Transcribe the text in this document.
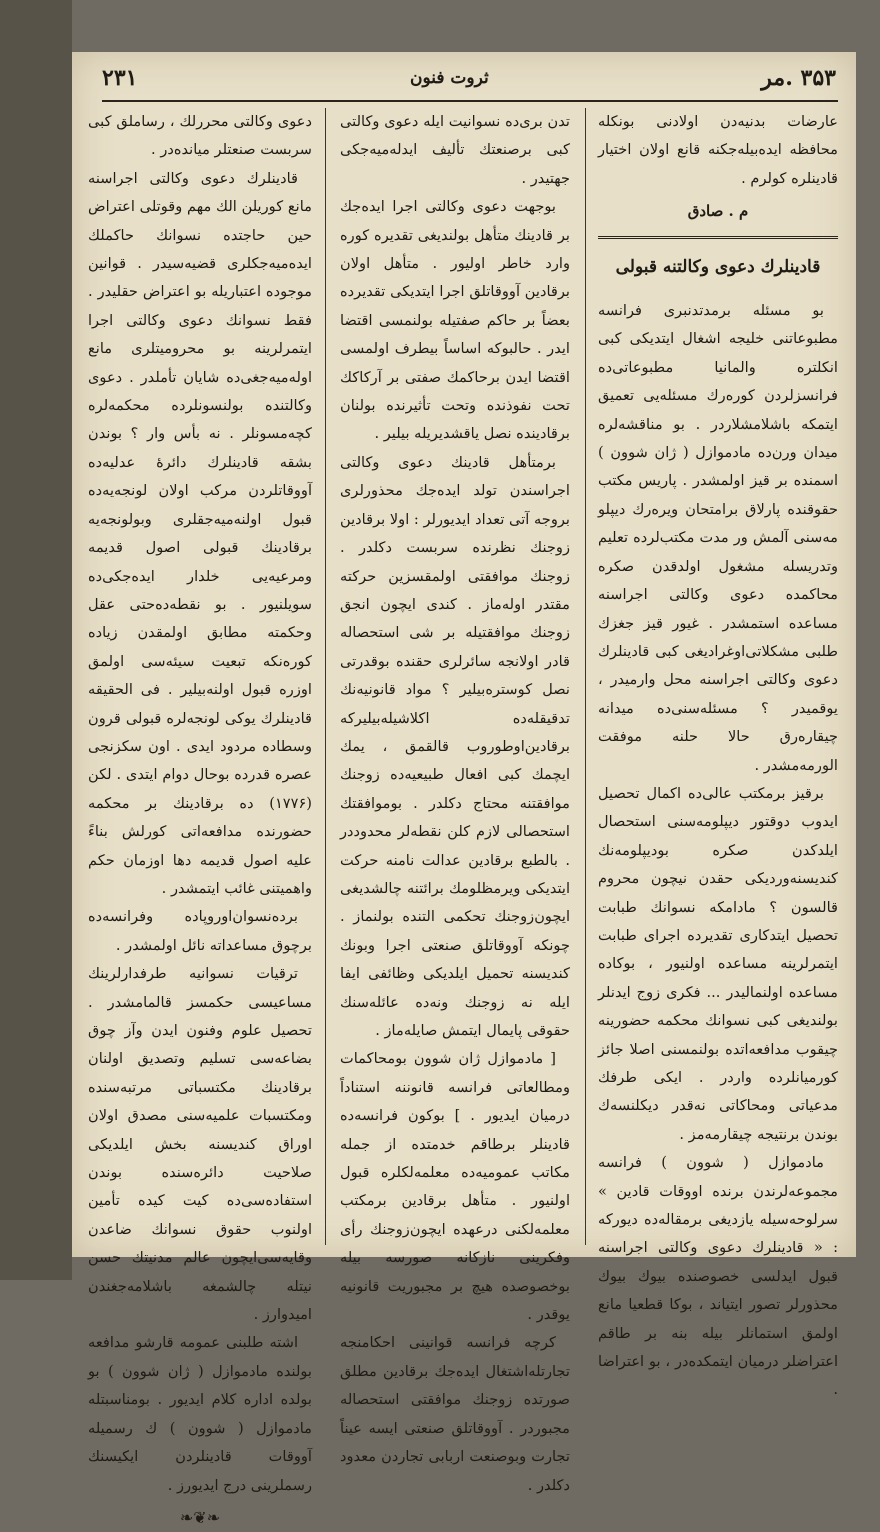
۳۵۳ .مر
ثروت فنون
۲۳۱

عارضات بدنیه‌دن اولادنی بونکله محافظه ایده‌بیله‌جکنه قانع اولان اختیار قادینلره کولرم .

م . صادق
قادینلرك دعوی وکالتنه قبولی

بو مسئله برمدتدنبری فرانسه مطبوعاتنی خلیجه اشغال ایتدیکی کبی انکلتره والمانیا مطبوعاتی‌ده فرانسزلردن کوره‌رك مسئله‌یی تعمیق ایتمکه باشلامشلاردر . بو مناقشه‌لره میدان ورن‌ده مادموازل ( ژان شوون ) اسمنده بر قیز اولمشدر . پاریس مکتب حقوقنده پارلاق برامتحان ویره‌رك دیپلو مه‌سنی آلمش ور مدت مکتب‌لرده تعلیم وتدریسله مشغول اولدقدن صکره محاکمده دعوی وکالتی اجراسنه مساعده استمشدر . غیور قیز جغزك طلبی مشکلاتی‌اوغرادیغی کبی قادینلرك دعوی وکالتی اجراسنه محل وارمیدر ، یوقمیدر ؟ مسئله‌سنی‌ده میدانه چیقاره‌رق حالا حلنه موفقت الورمه‌مشدر .

برقیز برمکتب عالی‌ده اکمال تحصیل ایدوب دوقتور دیپلومه‌سنی استحصال ایلدکدن صکره بودیپلومه‌نك کندیسنه‌وردیکی حقدن نیچون محروم قالسون ؟ مادامکه نسوانك طبابت تحصیل ایتدکاری تقدیرده اجرای طبابت ایتمرلرینه مساعده اولنیور ، بوکاده مساعده اولنمالیدر ... فکری زوج ایدنلر بولندیغی کبی نسوانك محکمه حضورینه چیقوب مدافعه‌اتده بولنمسنی اصلا جائز کورمیانلرده واردر . ایکی طرفك مدعیاتی ومحاکاتی نه‌قدر دیکلنسه‌ك بوندن برنتیجه چیقارمه‌مز .

مادموازل ( شوون ) فرانسه مجموعه‌لرندن برنده اووقات قادین » سرلوحه‌سیله یازدیغی برمقاله‌ده دیورکه : « قادینلرك دعوی وکالتی اجراسنه قبول ایدلسی خصوصنده بیوك بیوك محذورلر تصور ایتیاند ، بوکا قطعیا مانع اولمق استمانلر بیله بنه بر طاقم اعتراضلر درمیان ایتمکده‌در ، بو اعتراضا .

تدن بری‌ده نسوانیت ایله دعوی وکالتی کبی برصنعتك تألیف ایدله‌میه‌جکی جهتیدر .

بوجهت دعوی وکالتی اجرا ایده‌جك بر قادینك متأهل بولندیغی تقدیره کوره وارد خاطر اولیور . متأهل اولان برقادین آووقاتلق اجرا ایتدیکی تقدیرده بعضاً بر حاکم صفتیله بولنمسی اقتضا ایدر . حالبوکه اساساً بیطرف اولمسی اقتضا ایدن برحاکمك صفتی بر آرکاکك تحت نفوذنده وتحت تأثیرنده بولنان برقادینده نصل یاقشدیریله بیلیر .

برمتأهل قادینك دعوی وکالتی اجراسندن تولد ایده‌جك محذورلری بروجه آتی تعداد ایدیورلر : اولا برقادین زوجنك نظرنده سربست دکلدر . زوجنك موافقتی اولمقسزین حرکته مقتدر اوله‌ماز . کندی ایچون انجق زوجنك موافقتیله بر شی استحصاله قادر اولانجه سائرلری حقنده بوقدرتی نصل کوستره‌بیلیر ؟ مواد قانونیه‌نك تدقیقله‌ده اکلاشیله‌بیلیرکه برقادین‌اوطوروب قالقمق ، یمك ایچمك کبی افعال طبیعیه‌ده زوجنك موافقتنه محتاج دکلدر . بوموافقتك استحصالی لازم کلن نقطه‌لر محدوددر . بالطبع برقادین عدالت نامنه حرکت ایتدیکی ویرمظلومك برائتنه چالشدیغی ایچون‌زوجنك تحکمی التنده بولنماز . چونکه آووقاتلق صنعتی اجرا وبونك کندیسنه تحمیل ایلدیکی وظائفی ایفا ایله نه زوجنك ونه‌ده عائله‌سنك حقوقی پایمال ایتمش صایله‌ماز .

[ مادموازل ژان شوون بومحاکمات ومطالعاتی فرانسه قانوننه استناداً درمیان ایدیور . ] بوکون فرانسه‌ده قادینلر برطاقم خدمتده از جمله مکاتب عمومیه‌ده معلمه‌لکلره قبول اولنیور . متأهل برقادین برمکتب معلمه‌لکنی درعهده ایچون‌زوجنك رأی وفکرینی نازکانه صورسه بیله بوخصوصده هیچ بر مجبوریت قانونیه یوقدر .

کرچه فرانسه قوانینی احکامنجه تجارتله‌اشتغال ایده‌جك برقادین مطلق صورتده زوجنك موافقتی استحصاله مجبوردر . آووقاتلق صنعتی ایسه عیناً تجارت وبوصنعت اربابی تجاردن معدود دکلدر .

دعوی وکالتی محررلك ، رساملق کبی سربست صنعتلر میانده‌در .

قادینلرك دعوی وکالتی اجراسنه مانع کوریلن الك مهم وقوتلی اعتراض حین حاجتده نسوانك حاکملك ایده‌میه‌جکلری قضیه‌سیدر . قوانین موجوده اعتباریله بو اعتراض حقلیدر . فقط نسوانك دعوی وکالتی اجرا ایتمرلرینه بو محرومیتلری مانع اوله‌میه‌جغی‌ده شایان تأملدر . دعوی وکالتنده بولنسونلرده محکمه‌لره کچه‌مسونلر . نه بأس وار ؟ بوندن بشقه قادینلرك دائرۀ عدلیه‌ده آووقاتلردن مرکب اولان لونجه‌یه‌ده قبول اولنه‌میه‌جقلری وبولونجه‌یه برقادینك قبولی اصول قدیمه ومرعیه‌یی خلدار ایده‌جکی‌ده سویلنیور . بو نقطه‌ده‌حتی عقل وحکمته مطابق اولمقدن زیاده کوره‌نکه تبعیت سیئه‌سی اولمق اوزره قبول اولنه‌بیلیر . فی الحقیقه قادینلرك یوکی لونجه‌لره قبولی قرون وسطاده مردود ایدی . اون سکزنجی عصره قدرده بوحال دوام ایتدی . لکن (۱۷۷۶) ده برقادینك بر محکمه حضورنده مدافعه‌اتی کورلش بناءً علیه اصول قدیمه دها اوزمان حکم واهمیتنی غائب ایتمشدر .

برده‌نسوان‌اوروپاده وفرانسه‌ده برچوق مساعداته نائل اولمشدر .

ترقیات نسوانیه طرفدارلرینك مساعیسی حکمسز قالمامشدر . تحصیل علوم وفنون ایدن وآز چوق بضاعه‌سی تسلیم وتصدیق اولنان برقادینك مکتسباتی مرتبه‌سنده ومکتسبات علمیه‌سنی مصدق اولان اوراق کندیسنه بخش ایلدیکی صلاحیت دائره‌سنده بوندن استفاده‌سی‌ده کیت کیده تأمین اولنوب حقوق نسوانك ضاعدن وقایه‌سی‌ایچون عالم مدنیتك حسن نیتله چالشمغه باشلامه‌جغندن امیدوارز .

اشته طلبنی عمومه قارشو مدافعه بولنده مادموازل ( ژان شوون ) بو بولده اداره کلام ایدیور . بومناسبتله مادموازل ( شوون ) ك رسمیله آووقات قادینلردن ایکیسنك رسملرینی درج ایدیورز .

❧❦❧
